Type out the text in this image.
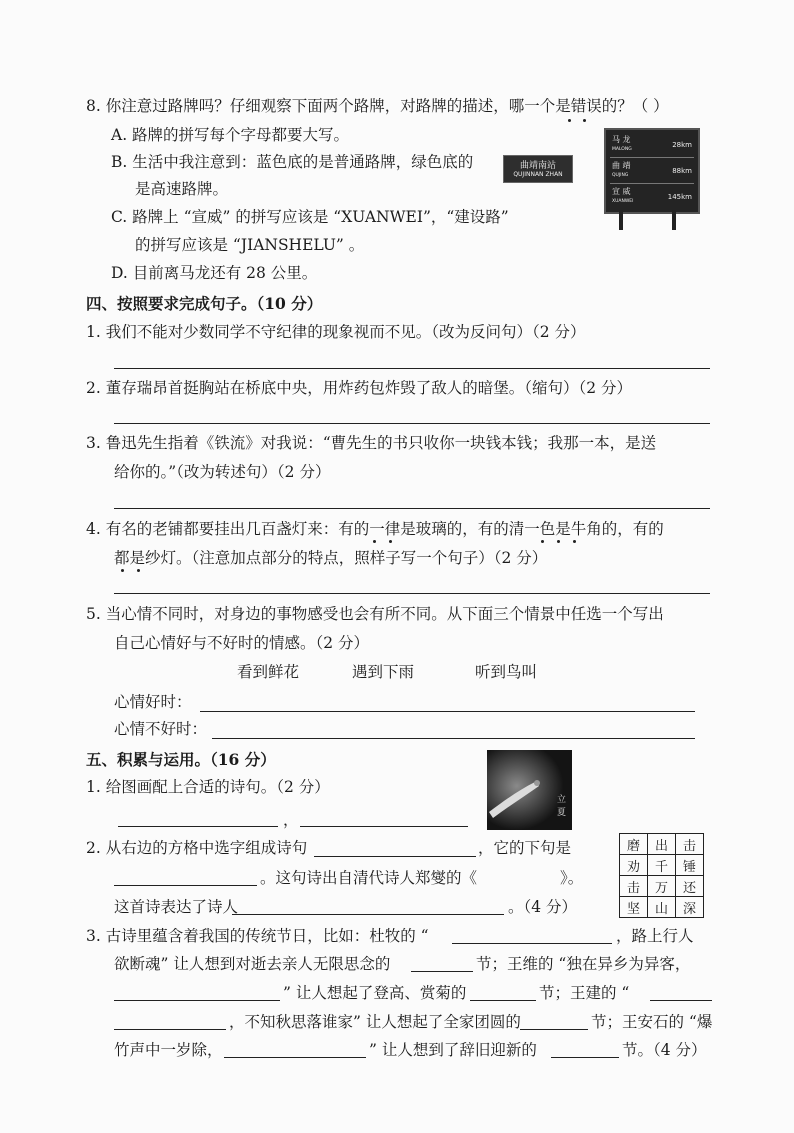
8. 你注意过路牌吗？仔细观察下面两个路牌，对路牌的描述，哪一个是错误的？（ ）
A. 路牌的拼写每个字母都要大写。
B. 生活中我注意到：蓝色底的是普通路牌，绿色底的
是高速路牌。
C. 路牌上 “宣威” 的拼写应该是 “XUANWEI”，“建设路”
的拼写应该是 “JIANSHELU” 。
D. 目前离马龙还有 28 公里。
曲靖南站
QUJINNAN ZHAN
马 龙
MALONG
28km
曲 靖
QUJING
88km
宣 威
XUANWEI
145km
四、按照要求完成句子。（10 分）
1. 我们不能对少数同学不守纪律的现象视而不见。（改为反问句）（2 分）
2. 董存瑞昂首挺胸站在桥底中央，用炸药包炸毁了敌人的暗堡。（缩句）（2 分）
3. 鲁迅先生指着《铁流》对我说：“曹先生的书只收你一块钱本钱；我那一本，是送
给你的。”（改为转述句）（2 分）
4. 有名的老铺都要挂出几百盏灯来：有的一律是玻璃的，有的清一色是牛角的，有的
都是纱灯。（注意加点部分的特点，照样子写一个句子）（2 分）
5. 当心情不同时，对身边的事物感受也会有所不同。从下面三个情景中任选一个写出
自己心情好与不好时的情感。（2 分）
看到鲜花	遇到下雨	听到鸟叫
心情好时：
心情不好时：
五、积累与运用。（16 分）
1. 给图画配上合适的诗句。（2 分）
，
立夏
2. 从右边的方格中选字组成诗句	，它的下句是
。这句诗出自清代诗人郑燮的《	》。
这首诗表达了诗人	。（4 分）
磨	出	击
劝	千	锤
击	万	还
坚	山	深
3. 古诗里蕴含着我国的传统节日，比如：杜牧的 “	，路上行人
欲断魂” 让人想到对逝去亲人无限思念的	节；王维的 “独在异乡为异客，
” 让人想起了登高、赏菊的	节；王建的 “
，不知秋思落谁家” 让人想起了全家团圆的	节；王安石的 “爆
竹声中一岁除，	” 让人想到了辞旧迎新的	节。（4 分）
